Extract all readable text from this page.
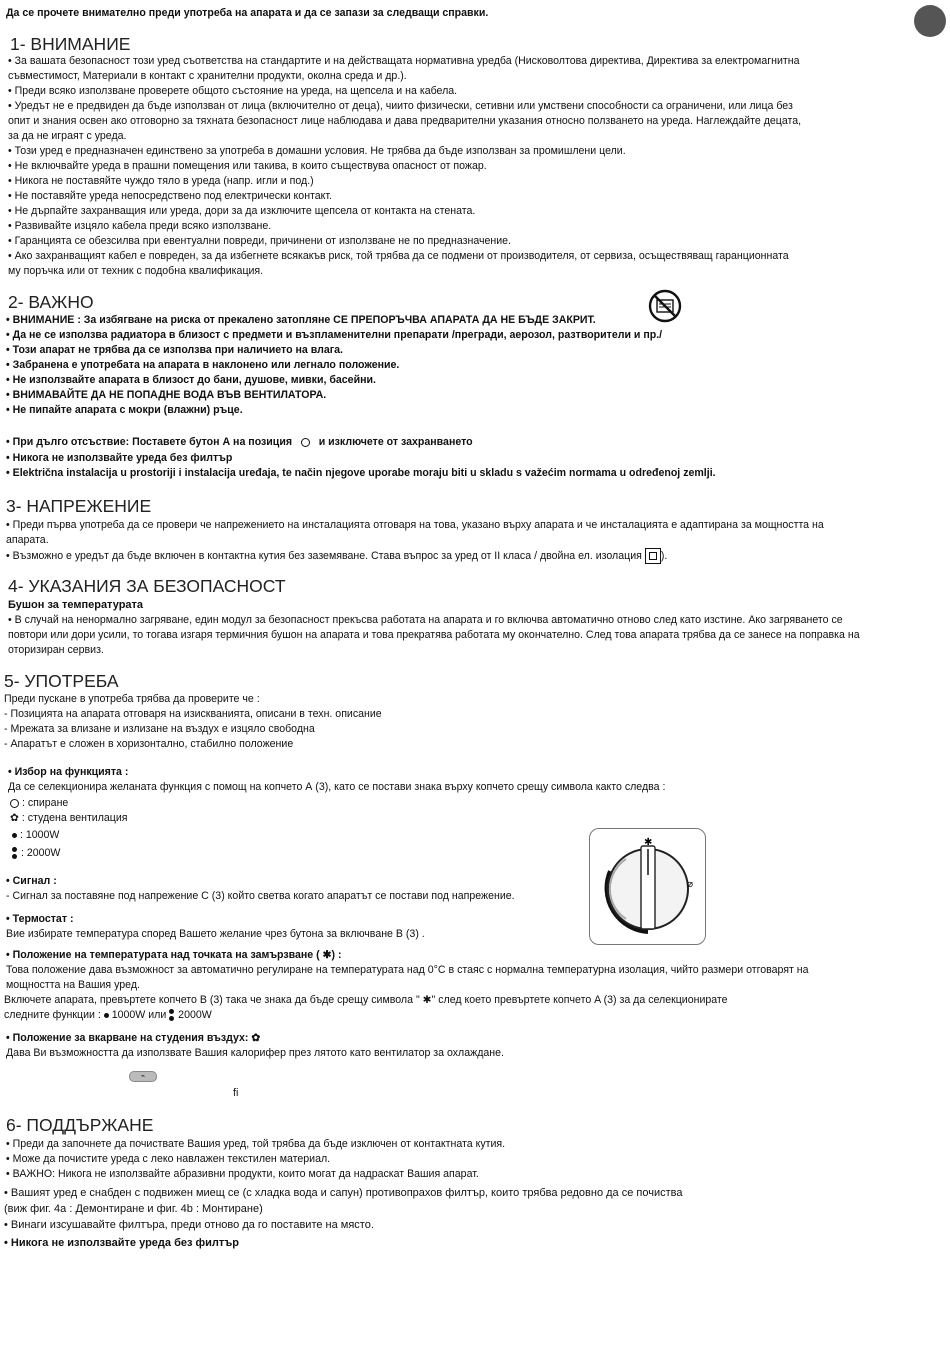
Да се прочете внимателно преди употреба на апарата и да се запази за следващи справки.

1- ВНИМАНИЕ

• За вашата безопасност този уред съответства на стандартите и на действащата нормативна уредба (Нисковолтова директива, Директива за електромагнитна
съвместимост, Материали в контакт с хранителни продукти, околна среда и др.).
• Преди всяко използване проверете общото състояние на уреда, на щепсела и на кабела.
• Уредът не е предвиден да бъде използван от лица (включително от деца), чиито физически, сетивни или умствени способности са ограничени, или лица без
опит и знания освен ако отговорно за тяхната безопасност лице наблюдава и дава предварителни указания относно ползването на уреда. Наглеждайте децата,
за да не играят с уреда.
• Този уред е предназначен единствено за употреба в домашни условия. Не трябва да бъде използван за промишлени цели.
• Не включвайте уреда в прашни помещения или такива, в които съществува опасност от пожар.
• Никога не поставяйте чуждо тяло в уреда (напр. игли и под.)
• Не поставяйте уреда непосредствено под електрически контакт.
• Не дърпайте захранващия или уреда, дори за да изключите щепсела от контакта на стената.
• Развивайте изцяло кабела преди всяко използване.
• Гаранцията се обезсилва при евентуални повреди, причинени от използване не по предназначение.
• Ако захранващият кабел е повреден, за да избегнете всякакъв риск, той трябва да се подмени от производителя, от сервиза, осъществяващ гаранционната
му поръчка или от техник с подобна квалификация.

2- ВАЖНО

• ВНИМАНИЕ : За избягване на риска от прекалено затопляне СЕ ПРЕПОРЪЧВА АПАРАТА ДА НЕ БЪДЕ ЗАКРИТ.
• Да не се използва радиатора в близост с предмети и възпламенителни препарати /прегради, аерозол, разтворители и пр./
• Този апарат не трябва да се използва при наличието на влага.
• Забранена е употребата на апарата в наклонено или легнало положение.
• Не използвайте апарата в близост до бани, душове, мивки, басейни.
• ВНИМАВАЙТЕ ДА НЕ ПОПАДНЕ ВОДА ВЪВ ВЕНТИЛАТОРА.
• Не пипайте апарата с мокри (влажни) ръце.

• При дълго отсъствие: Поставете бутон А на позиция	и изключете от захранването

• Никога не използвайте уреда без филтър

• Električna instalacija u prostoriji i instalacija uređaja, te način njegove uporabe moraju biti u skladu s važećim normama u određenoj zemlji.

3- НАПРЕЖЕНИЕ

• Преди първа употреба да се провери че напрежението на инсталацията отговаря на това, указано върху апарата и че инсталацията е адаптирана за мощността на
апарата.
• Възможно е уредът да бъде включен в контактна кутия без заземяване. Става въпрос за уред от II класа / двойна ел. изолация ).

4- УКАЗАНИЯ ЗА БЕЗОПАСНОСТ

Бушон за температурата

• В случай на ненормално загряване, един модул за безопасност прекъсва работата на апарата и го включва автоматично отново след като изстине. Ако загряването се
повтори или дори усили, то тогава изгаря термичния бушон на апарата и това прекратява работата му окончателно. След това апарата трябва да се занесе на поправка на
оторизиран сервиз.

5- УПОТРЕБА

Преди пускане в употреба трябва да проверите че :
- Позицията на апарата отговаря на изискванията, описани в техн. описание
- Мрежата за влизане и излизане на въздух е изцяло свободна
- Апаратът е сложен в хоризонтално, стабилно положение

• Избор на функцията :

Да се селекционира желаната функция с помощ на копчето А (3), като се постави знака върху копчето срещу символа както следва :

: спиране

✿ : студена вентилация

: 1000W

: 2000W

✱
⌀

• Сигнал :

- Сигнал за поставяне под напрежение C (3) който светва когато апаратът се постави под напрежение.

• Термостат :

Вие избирате температура според Вашето желание чрез бутона за включване B (3) .

• Положение на температурата над точката на замързване ( ✱) :

Това положение дава възможност за автоматично регулиране на температурата над 0°C в стаяс с нормална температурна изолация, чийто размери отговарят на
мощността на Вашия уред.

Включете апарата, превъртете копчето B (3) така че знака да бъде срещу символа " ✱" след което превъртете копчето A (3) за да селекционирате

следните функции : 1000W или 2000W

• Положение за вкарване на студения въздух: ✿

Дава Ви възможността да използвате Вашия калорифер през лятото като вентилатор за охлаждане.

⌁

fi

6- ПОДДЪРЖАНЕ

• Преди да започнете да почиствате Вашия уред, той трябва да бъде изключен от контактната кутия.
• Може да почистите уреда с леко навлажен текстилен материал.
• ВАЖНО: Никога не използвайте абразивни продукти, които могат да надраскат Вашия апарат.

• Вашият уред е снабден с подвижен миещ се (с хладка вода и сапун) противопрахов филтър, които трябва редовно да се почиства

(виж фиг. 4a : Демонтиране и фиг. 4b : Монтиране)

• Винаги изсушавайте филтъра, преди отново да го поставите на място.

• Никога не използвайте уреда без филтър
